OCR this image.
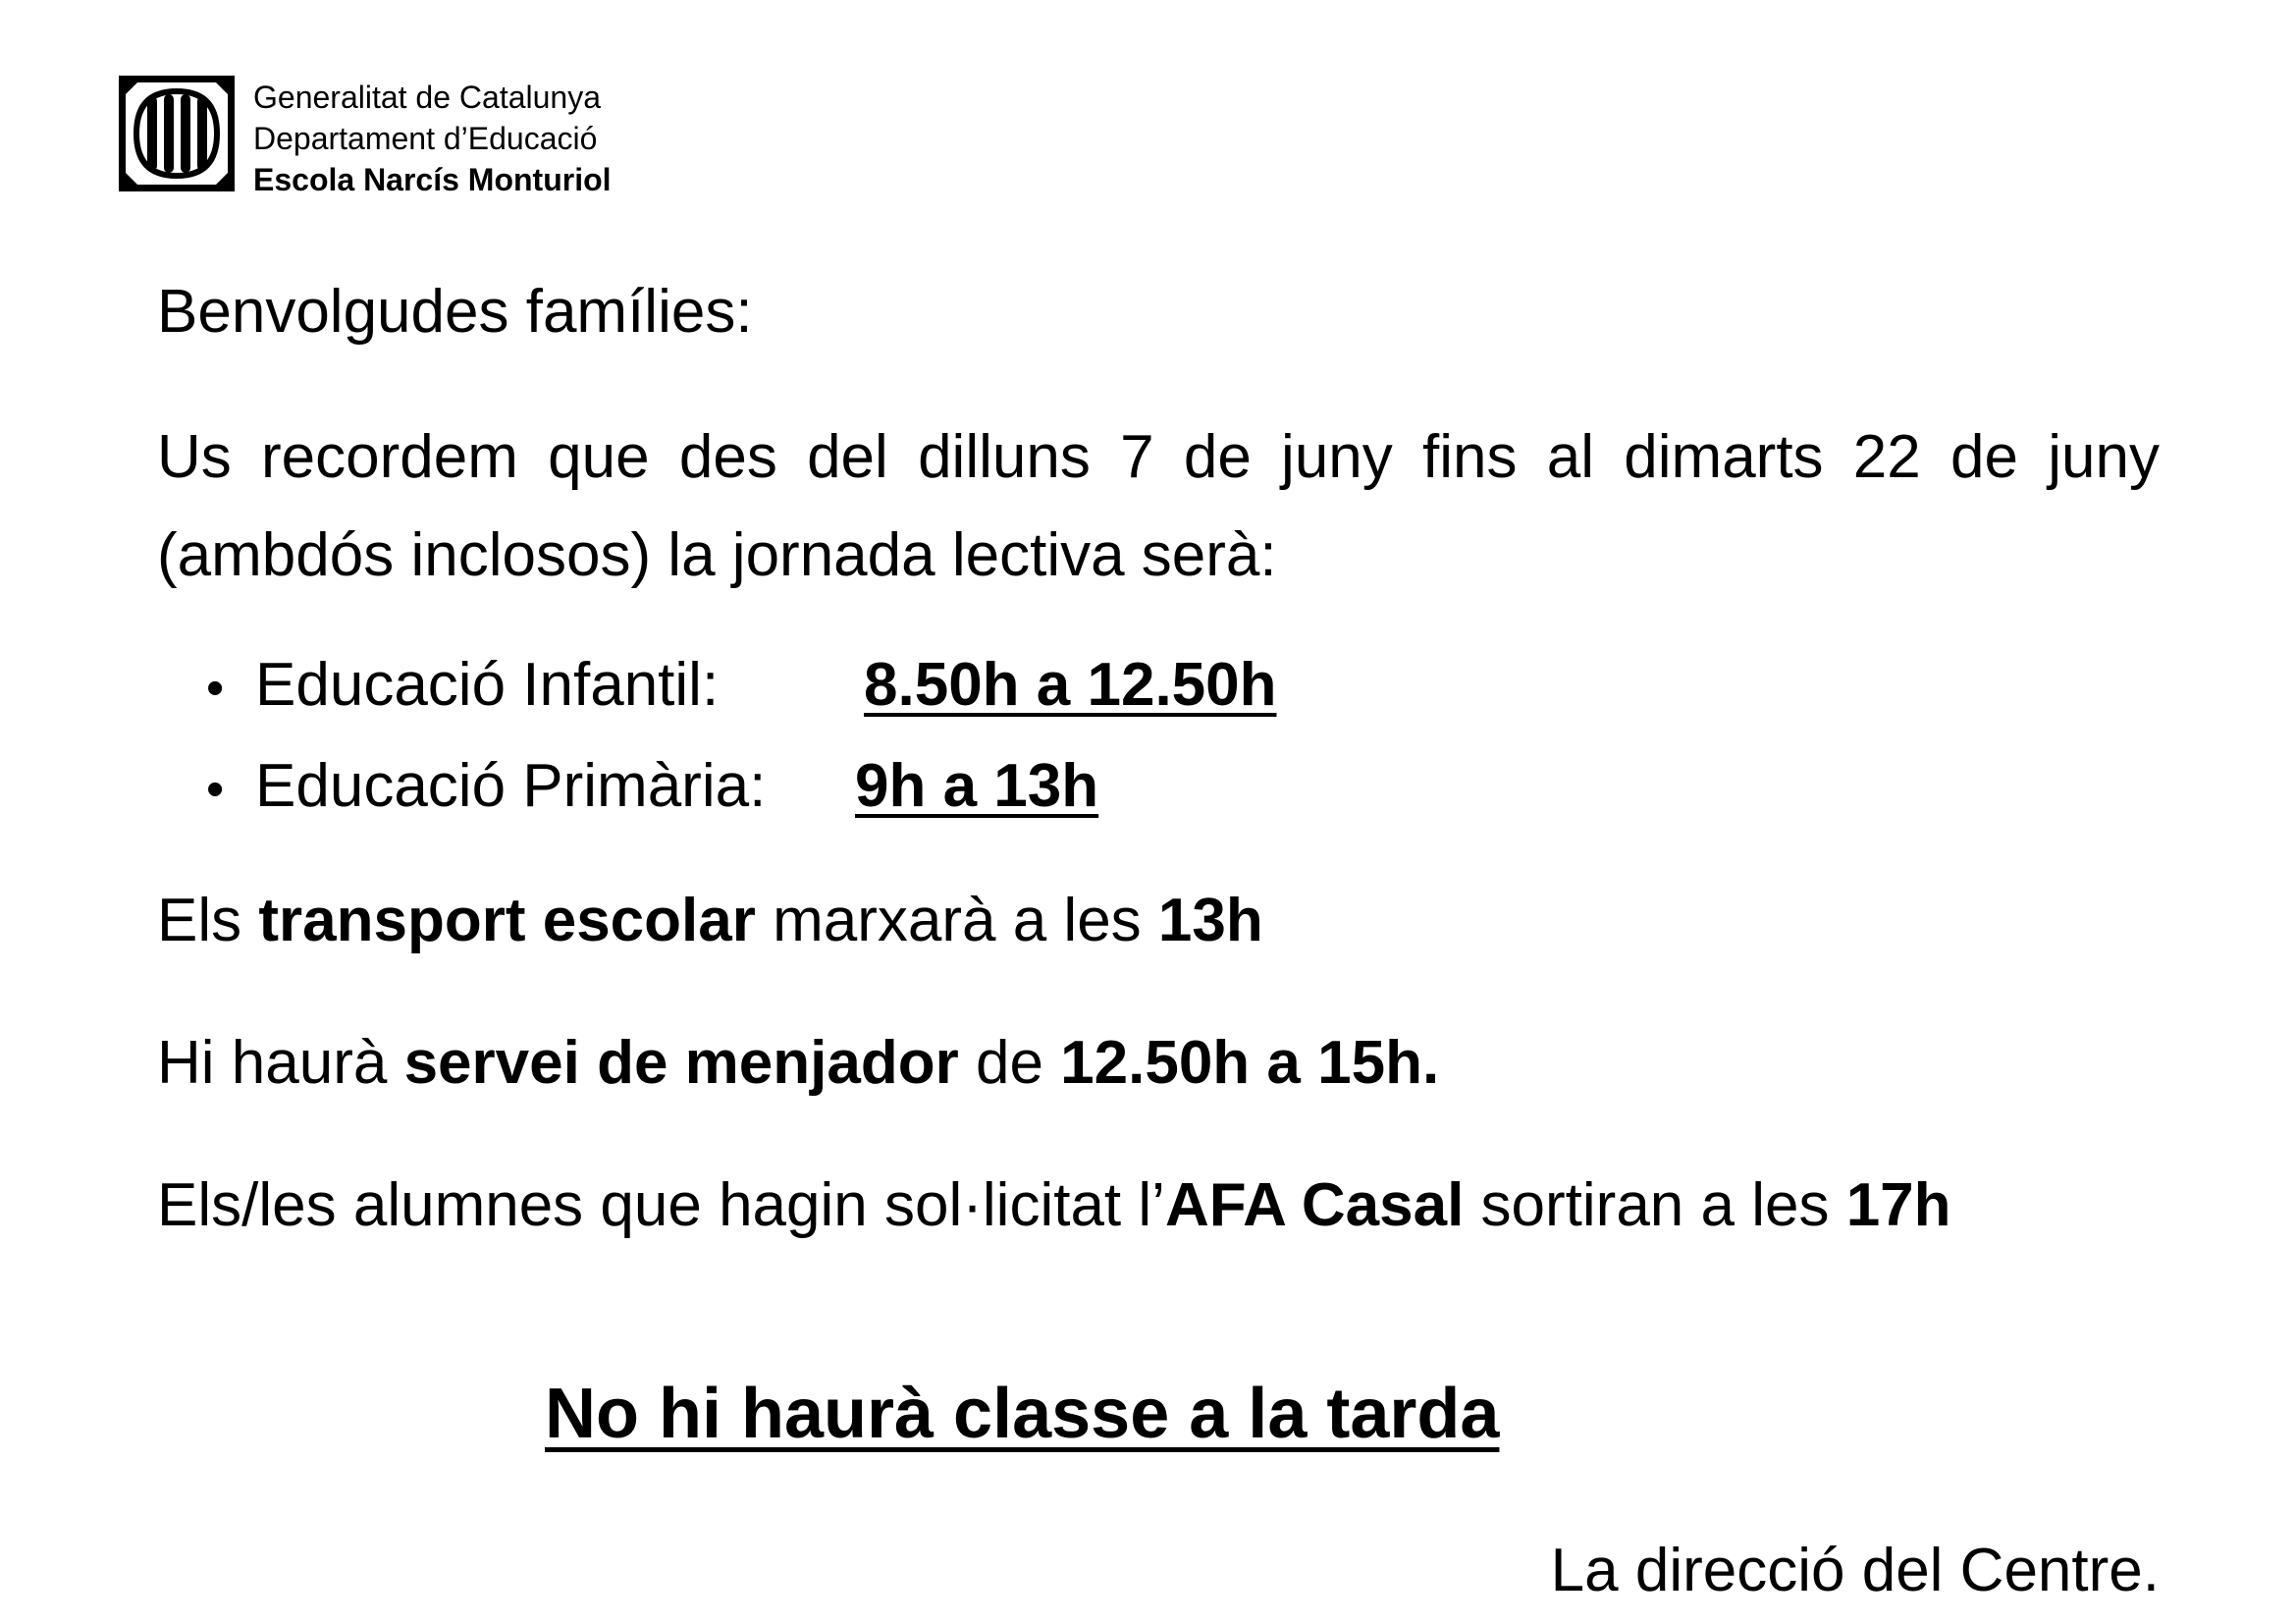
Generalitat de Catalunya
Departament d’Educació
Escola Narcís Monturiol

Benvolgudes famílies:

Us recordem que des del dilluns 7 de juny fins al dimarts 22 de juny (ambdós inclosos) la jornada lectiva serà:

• Educació Infantil:	8.50h a 12.50h
• Educació Primària:	9h a 13h

Els transport escolar marxarà a les 13h

Hi haurà servei de menjador de 12.50h a 15h.

Els/les alumnes que hagin sol·licitat l’AFA Casal sortiran a les 17h

No hi haurà classe a la tarda
La direcció del Centre.
